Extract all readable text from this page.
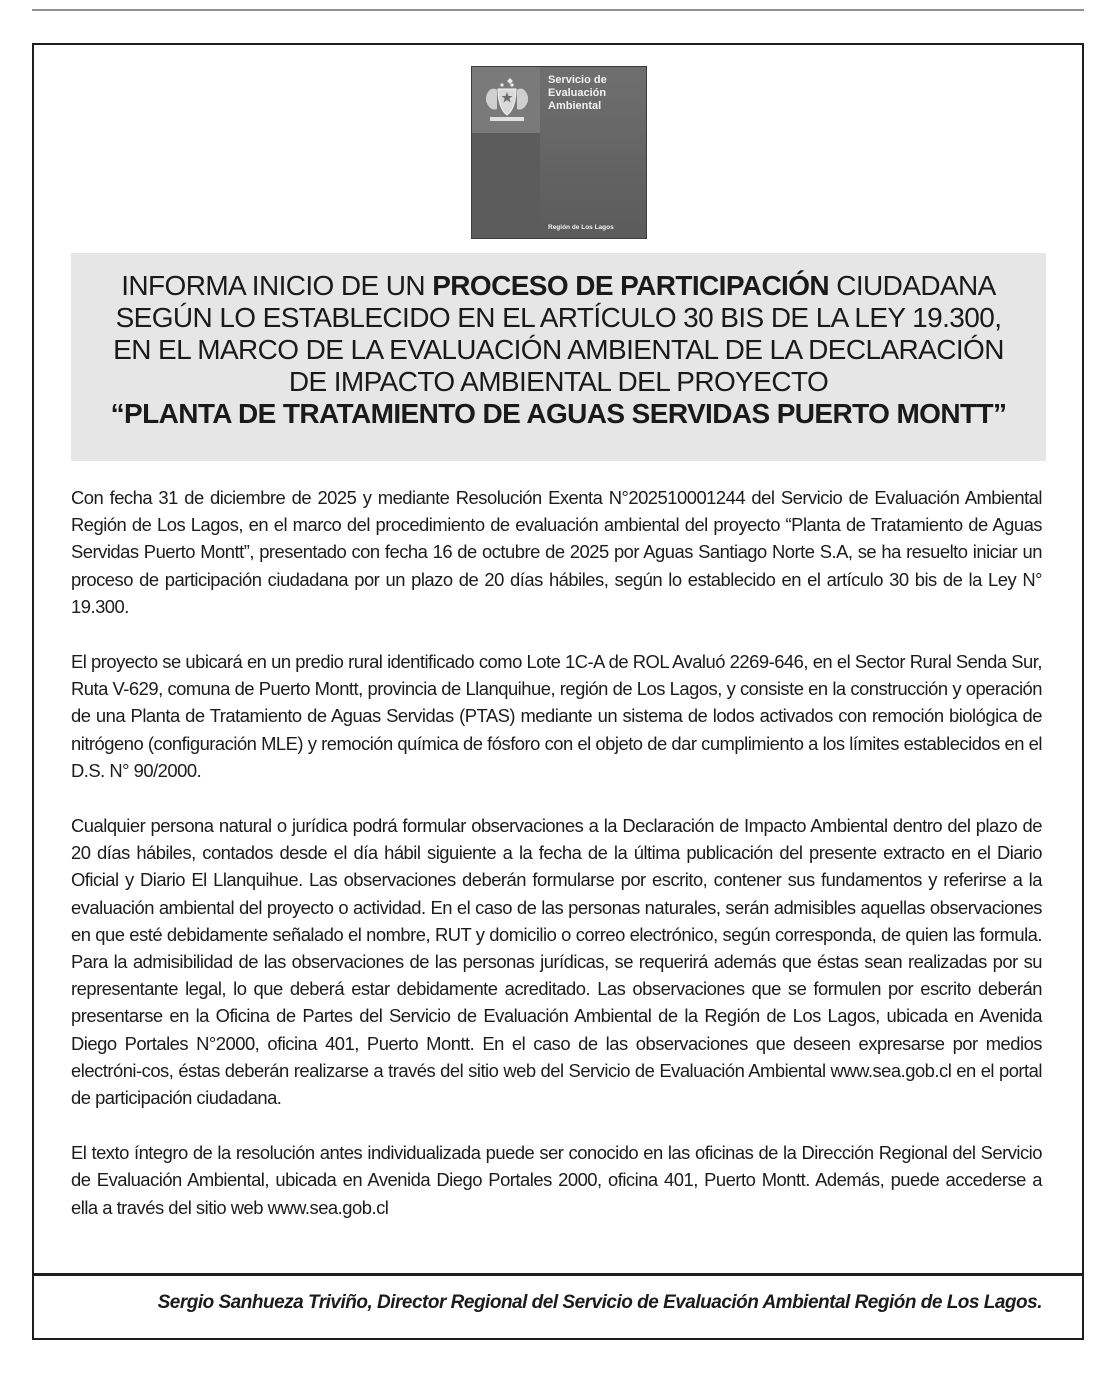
Servicio de Evaluación Ambiental
Región de Los Lagos
INFORMA INICIO DE UN PROCESO DE PARTICIPACIÓN CIUDADANA
SEGÚN LO ESTABLECIDO EN EL ARTÍCULO 30 BIS DE LA LEY 19.300,
EN EL MARCO DE LA EVALUACIÓN AMBIENTAL DE LA DECLARACIÓN
DE IMPACTO AMBIENTAL DEL PROYECTO
“PLANTA DE TRATAMIENTO DE AGUAS SERVIDAS PUERTO MONTT”

Con fecha 31 de diciembre de 2025 y mediante Resolución Exenta N°202510001244 del Servicio de Evaluación Ambiental Región de Los Lagos, en el marco del procedimiento de evaluación ambiental del proyecto “Planta de Tratamiento de Aguas Servidas Puerto Montt”, presentado con fecha 16 de octubre de 2025 por Aguas Santiago Norte S.A, se ha resuelto iniciar un proceso de participación ciudadana por un plazo de 20 días hábiles, según lo establecido en el artículo 30 bis de la Ley N° 19.300.

El proyecto se ubicará en un predio rural identificado como Lote 1C-A de ROL Avaluó 2269-646, en el Sector Rural Senda Sur, Ruta V-629, comuna de Puerto Montt, provincia de Llanquihue, región de Los Lagos, y consiste en la construcción y operación de una Planta de Tratamiento de Aguas Servidas (PTAS) mediante un sistema de lodos activados con remoción biológica de nitrógeno (configuración MLE) y remoción química de fósforo con el objeto de dar cumplimiento a los límites establecidos en el D.S. N° 90/2000.

Cualquier persona natural o jurídica podrá formular observaciones a la Declaración de Impacto Ambiental dentro del plazo de 20 días hábiles, contados desde el día hábil siguiente a la fecha de la última publicación del presente extracto en el Diario Oficial y Diario El Llanquihue. Las observaciones deberán formularse por escrito, contener sus fundamentos y referirse a la evaluación ambiental del proyecto o actividad. En el caso de las personas naturales, serán admisibles aquellas observaciones en que esté debidamente señalado el nombre, RUT y domicilio o correo electrónico, según corresponda, de quien las formula. Para la admisibilidad de las observaciones de las personas jurídicas, se requerirá además que éstas sean realizadas por su representante legal, lo que deberá estar debidamente acreditado. Las observaciones que se formulen por escrito deberán presentarse en la Oficina de Partes del Servicio de Evaluación Ambiental de la Región de Los Lagos, ubicada en Avenida Diego Portales N°2000, oficina 401, Puerto Montt. En el caso de las observaciones que deseen expresarse por medios electróni-cos, éstas deberán realizarse a través del sitio web del Servicio de Evaluación Ambiental www.sea.gob.cl en el portal de participación ciudadana.

El texto íntegro de la resolución antes individualizada puede ser conocido en las oficinas de la Dirección Regional del Servicio de Evaluación Ambiental, ubicada en Avenida Diego Portales 2000, oficina 401, Puerto Montt. Además, puede accederse a ella a través del sitio web www.sea.gob.cl

Sergio Sanhueza Triviño, Director Regional del Servicio de Evaluación Ambiental Región de Los Lagos.
